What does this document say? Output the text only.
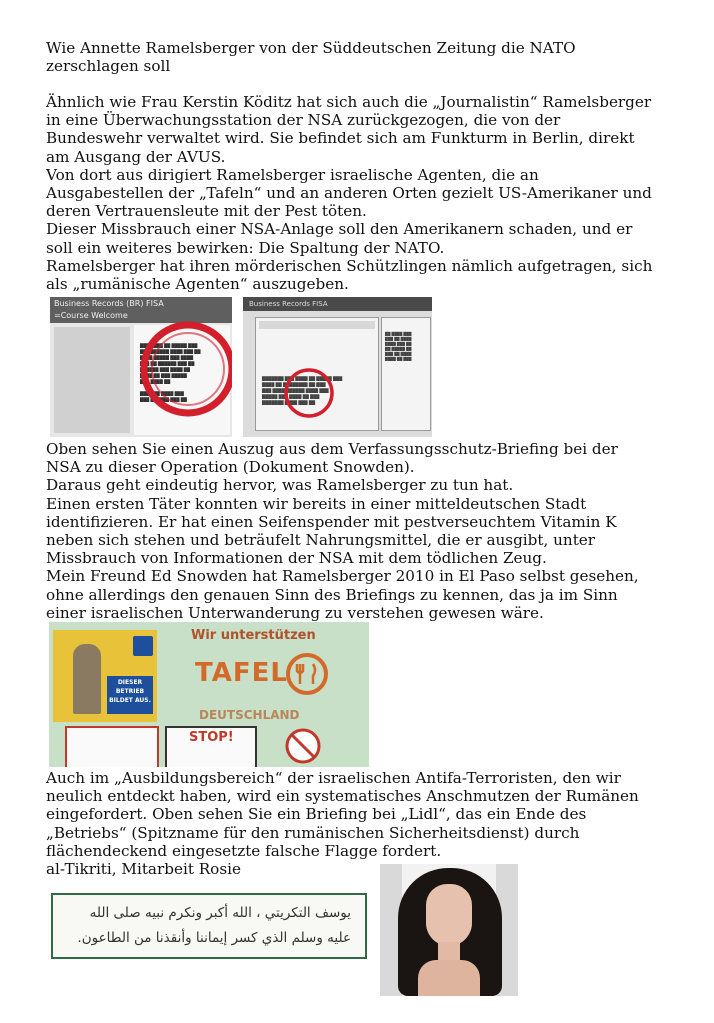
Wie Annette Ramelsberger von der Süddeutschen Zeitung die NATO
zerschlagen soll

Ähnlich wie Frau Kerstin Köditz hat sich auch die „Journalistin“ Ramelsberger
in eine Überwachungsstation der NSA zurückgezogen, die von der
Bundeswehr verwaltet wird. Sie befindet sich am Funkturm in Berlin, direkt
am Ausgang der AVUS.
Von dort aus dirigiert Ramelsberger israelische Agenten, die an
Ausgabestellen der „Tafeln“ und an anderen Orten gezielt US-Amerikaner und
deren Vertrauensleute mit der Pest töten.
Dieser Missbrauch einer NSA-Anlage soll den Amerikanern schaden, und er
soll ein weiteres bewirken: Die Spaltung der NATO.
Ramelsberger hat ihren mörderischen Schützlingen nämlich aufgetragen, sich
als „rumänische Agenten“ auszugeben.

Business Records (BR) FISA
=Course Welcome
████ ███ ██ █████ ███
███ ██████ ████ ███ ██
████ █████ ███ ████
███ ██ ██████ ███ ██
██████ ███ ████ ██
████ ██ ███ █████
███ ████ ██

████ ██ ████ ███
███ ██████ ███ ██
Business Records FISA
███████ ███ ████ ██ █████ ███
████ ██ ████████ ██ ███
███ ████ ██████ ████ ███
█████ ███ ████ ██ ███
███████ ████ ███ ██
██ ████ ███
███ ██ ████
████ ███ ██
██ █████ ██
███ ██ ████
████ ██ ███

Oben sehen Sie einen Auszug aus dem Verfassungsschutz-Briefing bei der
NSA zu dieser Operation (Dokument Snowden).
Daraus geht eindeutig hervor, was Ramelsberger zu tun hat.
Einen ersten Täter konnten wir bereits in einer mitteldeutschen Stadt
identifizieren. Er hat einen Seifenspender mit pestverseuchtem Vitamin K
neben sich stehen und beträufelt Nahrungsmittel, die er ausgibt, unter
Missbrauch von Informationen der NSA mit dem tödlichen Zeug.
Mein Freund Ed Snowden hat Ramelsberger 2010 in El Paso selbst gesehen,
ohne allerdings den genauen Sinn des Briefings zu kennen, das ja im Sinn
einer israelischen Unterwanderung zu verstehen gewesen wäre.

DIESER BETRIEB BILDET AUS.
Wir unterstützen
TAFEL
DEUTSCHLAND
STOP!

Auch im „Ausbildungsbereich“ der israelischen Antifa-Terroristen, den wir
neulich entdeckt haben, wird ein systematisches Anschmutzen der Rumänen
eingefordert. Oben sehen Sie ein Briefing bei „Lidl“, das ein Ende des
„Betriebs“ (Spitzname für den rumänischen Sicherheitsdienst) durch
flächendeckend eingesetzte falsche Flagge fordert.
al-Tikriti, Mitarbeit Rosie

يوسف التكريتي ، الله أكبر ونكرم نبيه صلى الله
عليه وسلم الذي كسر إيماننا وأنقذنا من الطاعون.
